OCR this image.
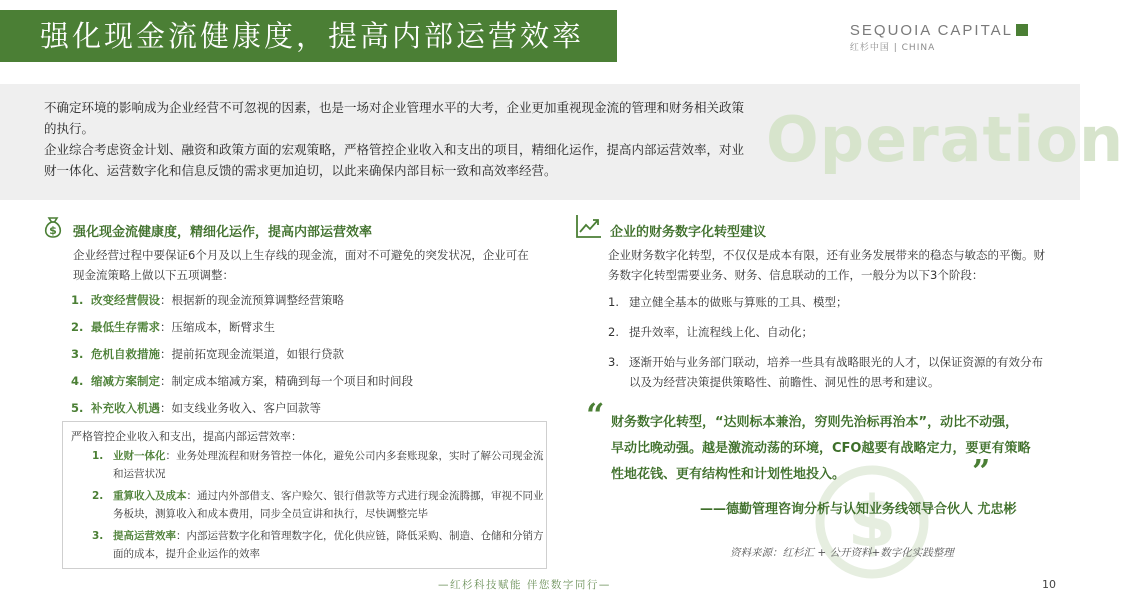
强化现金流健康度，提高内部运营效率	SEQUOIA CAPITAL
红杉中国 | CHINA
Operation
不确定环境的影响成为企业经营不可忽视的因素，也是一场对企业管理水平的大考，企业更加重视现金流的管理和财务相关政策的执行。
企业综合考虑资金计划、融资和政策方面的宏观策略，严格管控企业收入和支出的项目，精细化运作，提高内部运营效率，对业财一体化、运营数字化和信息反馈的需求更加迫切，以此来确保内部目标一致和高效率经营。
$ 强化现金流健康度，精细化运作，提高内部运营效率
企业经营过程中要保证6个月及以上生存线的现金流，面对不可避免的突发状况，企业可在现金流策略上做以下五项调整：
1. 改变经营假设：根据新的现金流预算调整经营策略
2. 最低生存需求：压缩成本，断臂求生
3. 危机自救措施：提前拓宽现金流渠道，如银行贷款
4. 缩减方案制定：制定成本缩减方案，精确到每一个项目和时间段
5. 补充收入机遇：如支线业务收入、客户回款等
严格管控企业收入和支出，提高内部运营效率：
1. 业财一体化：业务处理流程和财务管控一体化，避免公司内多套账现象，实时了解公司现金流和运营状况
2. 重算收入及成本：通过内外部借支、客户赊欠、银行借款等方式进行现金流腾挪，审视不同业务板块，测算收入和成本费用，同步全员宣讲和执行，尽快调整完毕
3. 提高运营效率：内部运营数字化和管理数字化，优化供应链，降低采购、制造、仓储和分销方面的成本，提升企业运作的效率
企业的财务数字化转型建议
企业财务数字化转型，不仅仅是成本有限，还有业务发展带来的稳态与敏态的平衡。财务数字化转型需要业务、财务、信息联动的工作，一般分为以下3个阶段：
1. 建立健全基本的做账与算账的工具、模型；
2. 提升效率，让流程线上化、自动化；
3. 逐渐开始与业务部门联动，培养一些具有战略眼光的人才，以保证资源的有效分布以及为经营决策提供策略性、前瞻性、洞见性的思考和建议。
$
“ 财务数字化转型，“达则标本兼治，穷则先治标再治本”，动比不动强，早动比晚动强。越是激流动荡的环境，CFO越要有战略定力，要更有策略性地花钱、更有结构性和计划性地投入。	”
——德勤管理咨询分析与认知业务线领导合伙人 尤忠彬
资料来源：红杉汇 + 公开资料+数字化实践整理
—红杉科技赋能 伴您数字同行—	10
